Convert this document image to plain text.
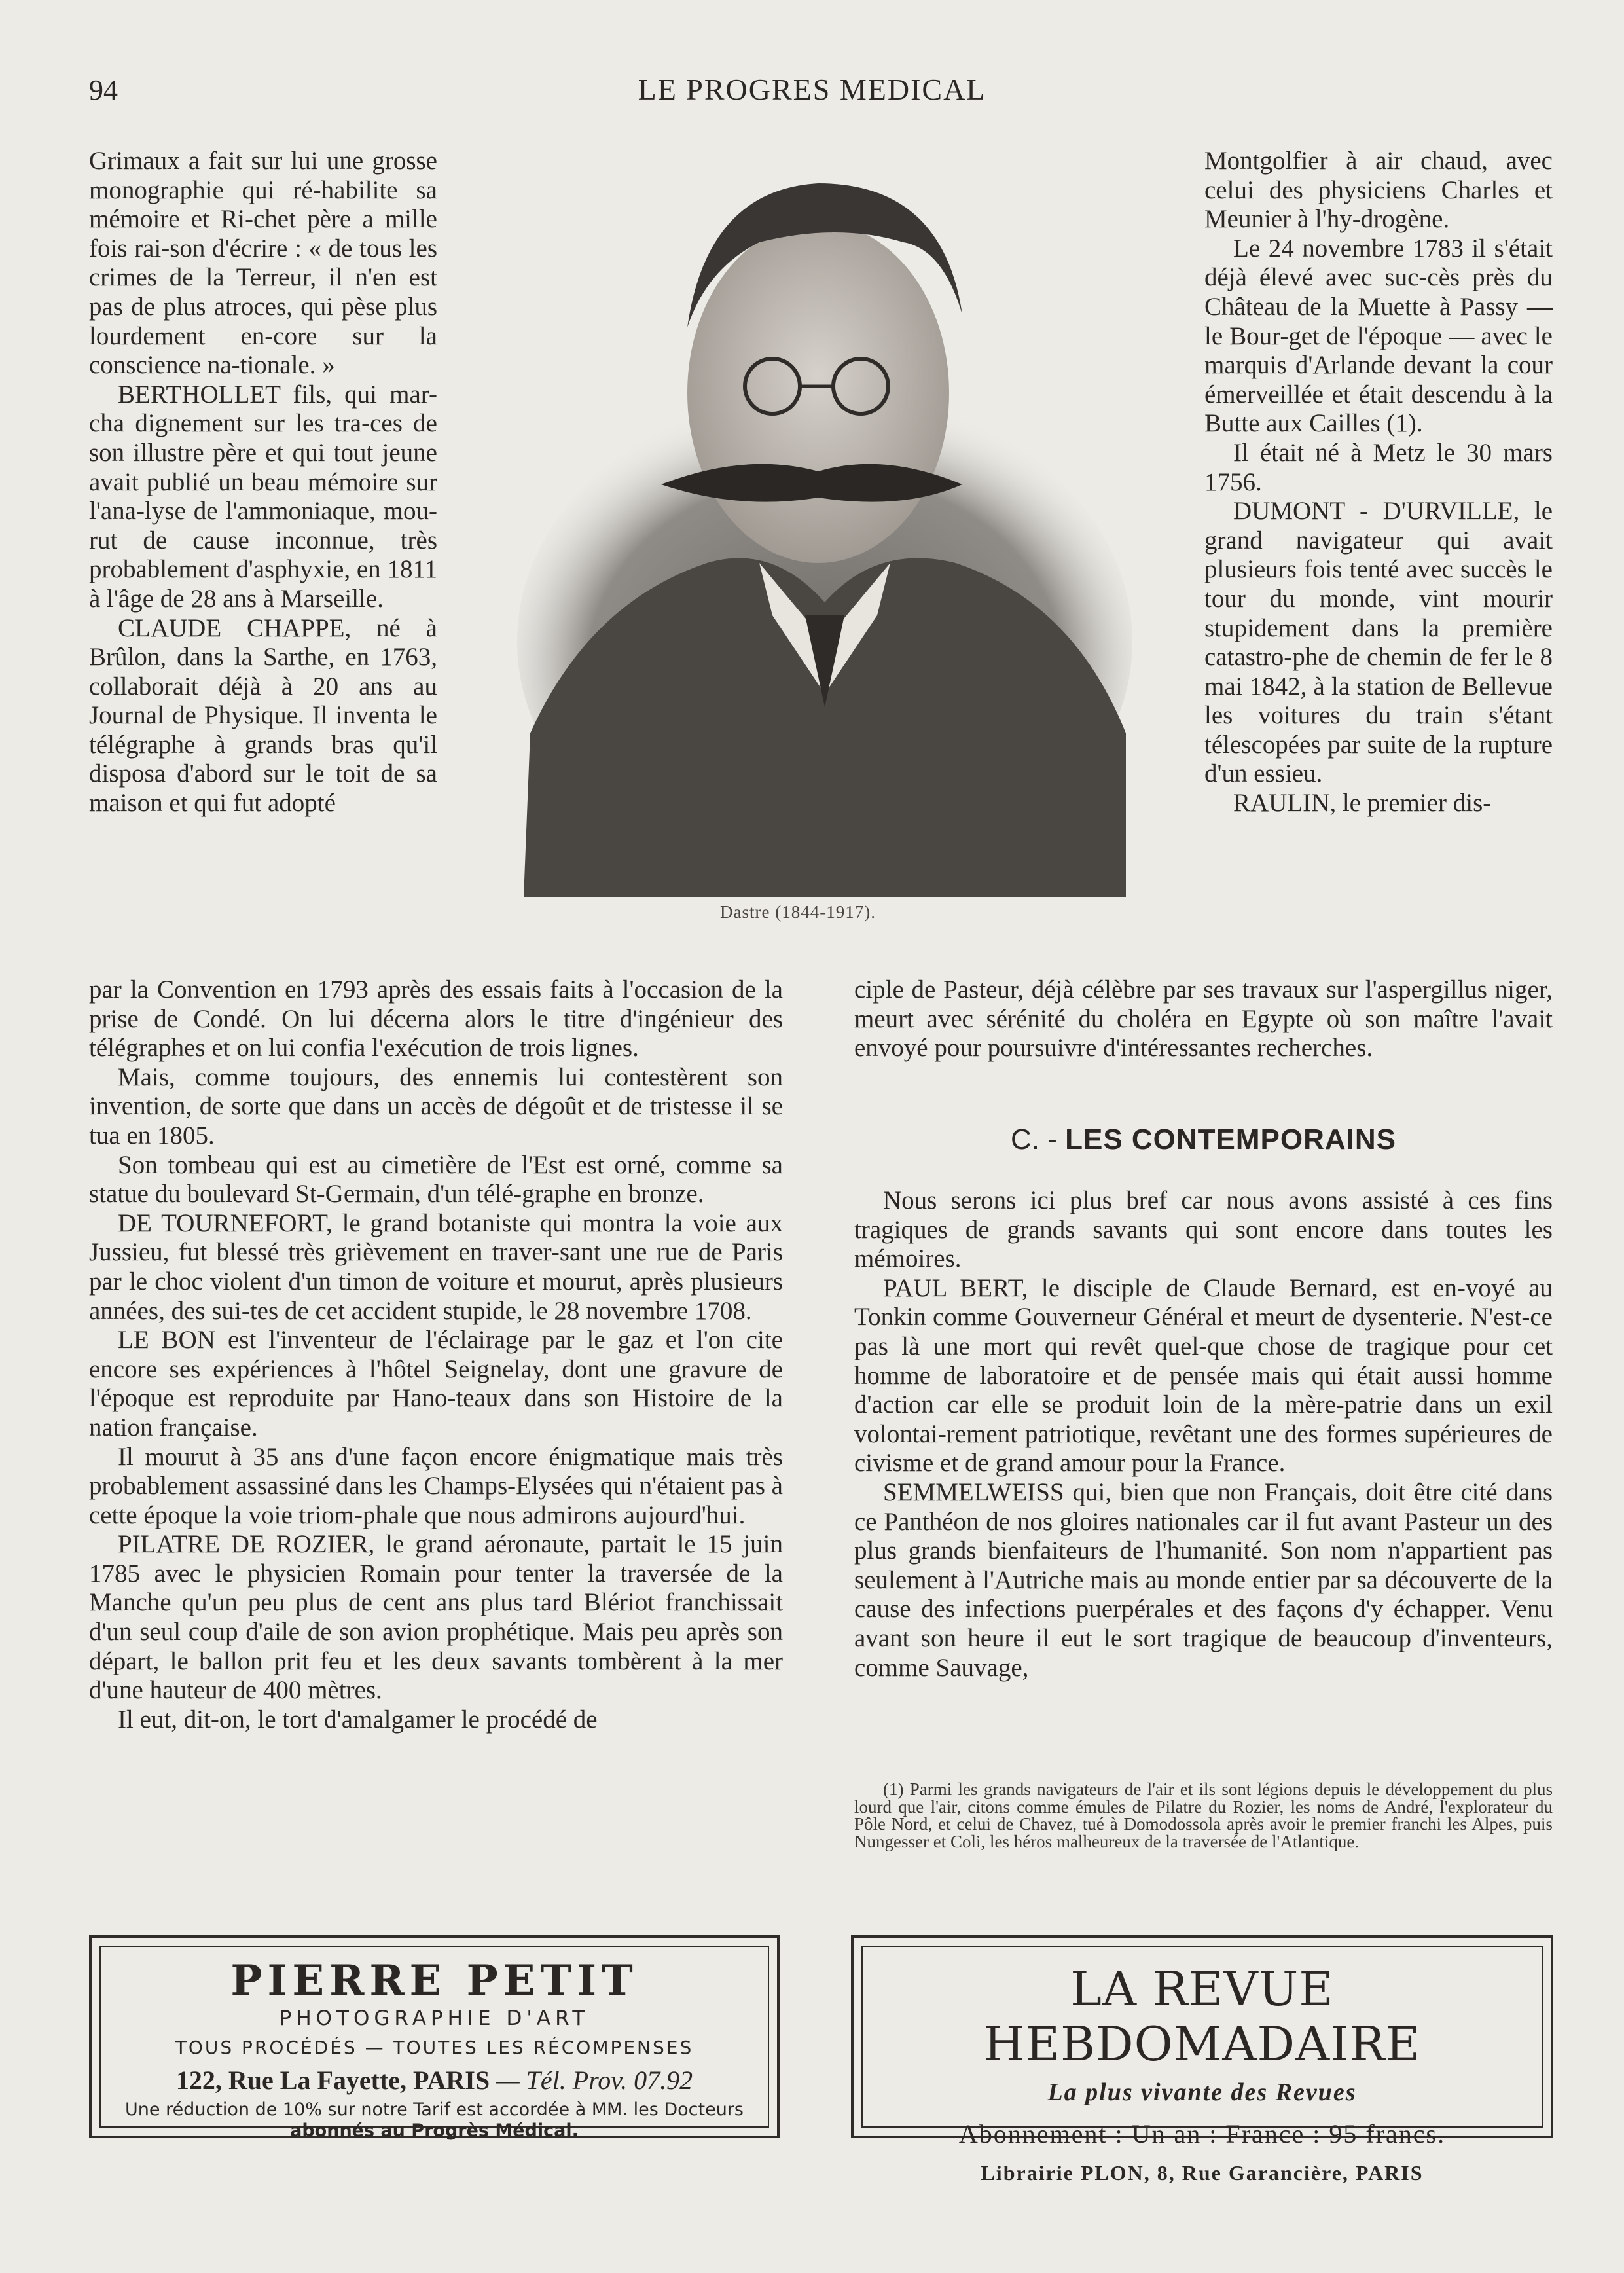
94	LE PROGRES MEDICAL

Grimaux a fait sur lui une grosse monographie qui ré-habilite sa mémoire et Ri-chet père a mille fois rai-son d'écrire : « de tous les crimes de la Terreur, il n'en est pas de plus atroces, qui pèse plus lourdement en-core sur la conscience na-tionale. »

BERTHOLLET fils, qui mar-cha dignement sur les tra-ces de son illustre père et qui tout jeune avait publié un beau mémoire sur l'ana-lyse de l'ammoniaque, mou-rut de cause inconnue, très probablement d'asphyxie, en 1811 à l'âge de 28 ans à Marseille.

CLAUDE CHAPPE, né à Brûlon, dans la Sarthe, en 1763, collaborait déjà à 20 ans au Journal de Physique. Il inventa le télégraphe à grands bras qu'il disposa d'abord sur le toit de sa maison et qui fut adopté

Dastre (1844-1917).

Montgolfier à air chaud, avec celui des physiciens Charles et Meunier à l'hy-drogène.

Le 24 novembre 1783 il s'était déjà élevé avec suc-cès près du Château de la Muette à Passy — le Bour-get de l'époque — avec le marquis d'Arlande devant la cour émerveillée et était descendu à la Butte aux Cailles (1).

Il était né à Metz le 30 mars 1756.

DUMONT - D'URVILLE, le grand navigateur qui avait plusieurs fois tenté avec succès le tour du monde, vint mourir stupidement dans la première catastro-phe de chemin de fer le 8 mai 1842, à la station de Bellevue les voitures du train s'étant télescopées par suite de la rupture d'un essieu.

RAULIN, le premier dis-

par la Convention en 1793 après des essais faits à l'occasion de la prise de Condé. On lui décerna alors le titre d'ingénieur des télégraphes et on lui confia l'exécution de trois lignes.

Mais, comme toujours, des ennemis lui contestèrent son invention, de sorte que dans un accès de dégoût et de tristesse il se tua en 1805.

Son tombeau qui est au cimetière de l'Est est orné, comme sa statue du boulevard St-Germain, d'un télé-graphe en bronze.

DE TOURNEFORT, le grand botaniste qui montra la voie aux Jussieu, fut blessé très grièvement en traver-sant une rue de Paris par le choc violent d'un timon de voiture et mourut, après plusieurs années, des sui-tes de cet accident stupide, le 28 novembre 1708.

LE BON est l'inventeur de l'éclairage par le gaz et l'on cite encore ses expériences à l'hôtel Seignelay, dont une gravure de l'époque est reproduite par Hano-teaux dans son Histoire de la nation française.

Il mourut à 35 ans d'une façon encore énigmatique mais très probablement assassiné dans les Champs-Elysées qui n'étaient pas à cette époque la voie triom-phale que nous admirons aujourd'hui.

PILATRE DE ROZIER, le grand aéronaute, partait le 15 juin 1785 avec le physicien Romain pour tenter la traversée de la Manche qu'un peu plus de cent ans plus tard Blériot franchissait d'un seul coup d'aile de son avion prophétique. Mais peu après son départ, le ballon prit feu et les deux savants tombèrent à la mer d'une hauteur de 400 mètres.

Il eut, dit-on, le tort d'amalgamer le procédé de

ciple de Pasteur, déjà célèbre par ses travaux sur l'aspergillus niger, meurt avec sérénité du choléra en Egypte où son maître l'avait envoyé pour poursuivre d'intéressantes recherches.

C. - LES CONTEMPORAINS

Nous serons ici plus bref car nous avons assisté à ces fins tragiques de grands savants qui sont encore dans toutes les mémoires.

PAUL BERT, le disciple de Claude Bernard, est en-voyé au Tonkin comme Gouverneur Général et meurt de dysenterie. N'est-ce pas là une mort qui revêt quel-que chose de tragique pour cet homme de laboratoire et de pensée mais qui était aussi homme d'action car elle se produit loin de la mère-patrie dans un exil volontai-rement patriotique, revêtant une des formes supérieures de civisme et de grand amour pour la France.

SEMMELWEISS qui, bien que non Français, doit être cité dans ce Panthéon de nos gloires nationales car il fut avant Pasteur un des plus grands bienfaiteurs de l'humanité. Son nom n'appartient pas seulement à l'Autriche mais au monde entier par sa découverte de la cause des infections puerpérales et des façons d'y échapper. Venu avant son heure il eut le sort tragique de beaucoup d'inventeurs, comme Sauvage,

(1) Parmi les grands navigateurs de l'air et ils sont légions depuis le développement du plus lourd que l'air, citons comme émules de Pilatre du Rozier, les noms de André, l'explorateur du Pôle Nord, et celui de Chavez, tué à Domodossola après avoir le premier franchi les Alpes, puis Nungesser et Coli, les héros malheureux de la traversée de l'Atlantique.

PIERRE PETIT
PHOTOGRAPHIE D'ART
TOUS PROCÉDÉS — TOUTES LES RÉCOMPENSES
122, Rue La Fayette, PARIS — Tél. Prov. 07.92
Une réduction de 10% sur notre Tarif est accordée à MM. les Docteurs
abonnés au Progrès Médical.
LA REVUE HEBDOMADAIRE
La plus vivante des Revues
Abonnement : Un an : France : 95 francs.
Librairie PLON, 8, Rue Garancière, PARIS
